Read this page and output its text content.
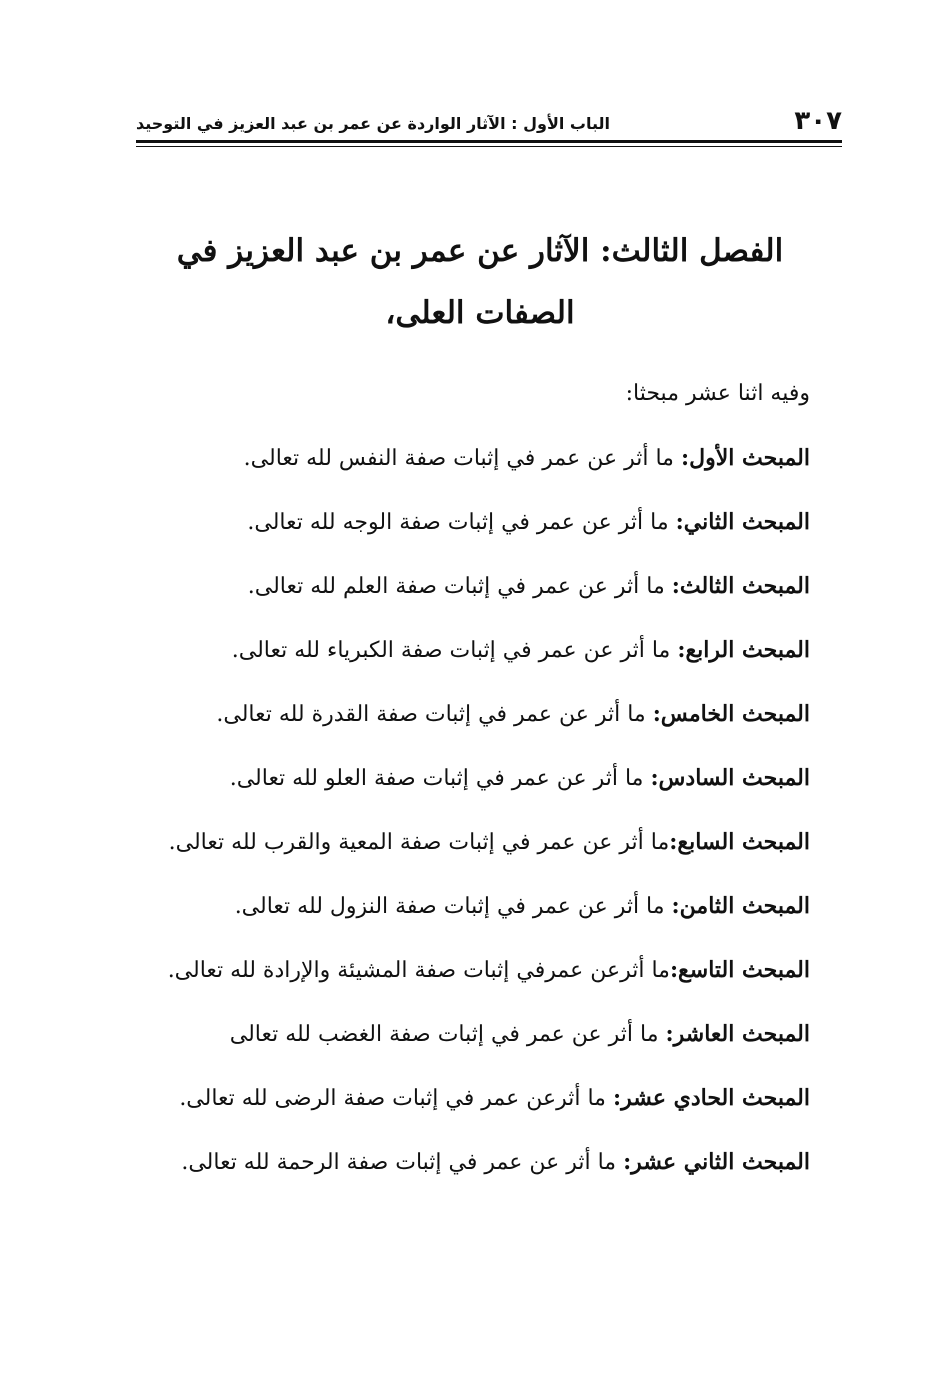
٣٠٧
الباب الأول : الآثار الواردة عن عمر بن عبد العزيز في التوحيد
الفصل الثالث: الآثار عن عمر بن عبد العزيز في
الصفات العلى،
وفيه اثنا عشر مبحثا:
المبحث الأول: ما أثر عن عمر في إثبات صفة النفس لله تعالى.
المبحث الثاني: ما أثر عن عمر في إثبات صفة الوجه لله تعالى.
المبحث الثالث: ما أثر عن عمر في إثبات صفة العلم لله تعالى.
المبحث الرابع: ما أثر عن عمر في إثبات صفة الكبرياء لله تعالى.
المبحث الخامس: ما أثر عن عمر في إثبات صفة القدرة لله تعالى.
المبحث السادس: ما أثر عن عمر في إثبات صفة العلو لله تعالى.
المبحث السابع:ما أثر عن عمر في إثبات صفة المعية والقرب لله تعالى.
المبحث الثامن: ما أثر عن عمر في إثبات صفة النزول لله تعالى.
المبحث التاسع:ما أثرعن عمرفي إثبات صفة المشيئة والإرادة لله تعالى.
المبحث العاشر: ما أثر عن عمر في إثبات صفة الغضب لله تعالى
المبحث الحادي عشر: ما أثرعن عمر في إثبات صفة الرضى لله تعالى.
المبحث الثاني عشر: ما أثر عن عمر في إثبات صفة الرحمة لله تعالى.
